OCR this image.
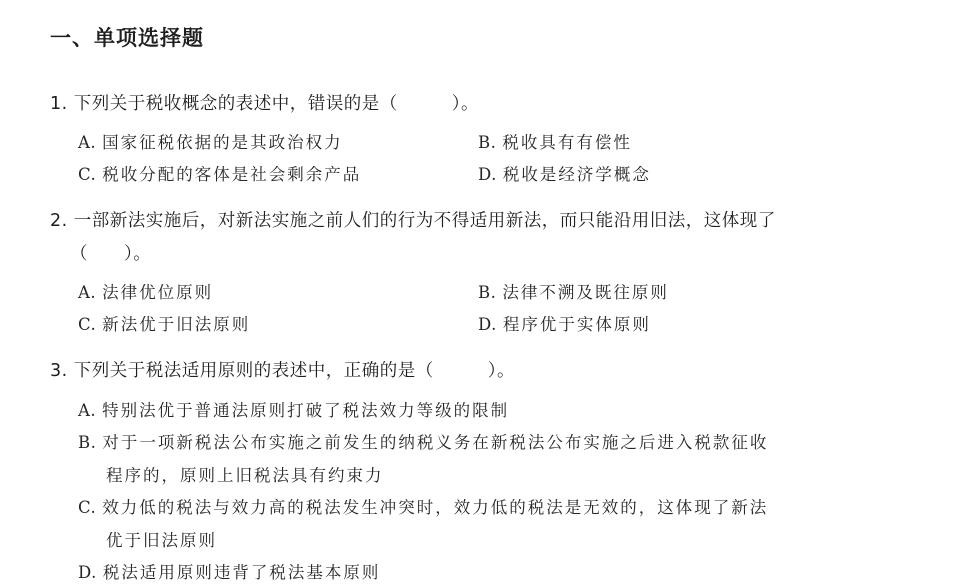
一、单项选择题
1. 下列关于税收概念的表述中，错误的是（　　　）。
A. 国家征税依据的是其政治权力	B. 税收具有有偿性
C. 税收分配的客体是社会剩余产品	D. 税收是经济学概念
2. 一部新法实施后，对新法实施之前人们的行为不得适用新法，而只能沿用旧法，这体现了
（　　）。
A. 法律优位原则	B. 法律不溯及既往原则
C. 新法优于旧法原则	D. 程序优于实体原则
3. 下列关于税法适用原则的表述中，正确的是（　　　）。
A. 特别法优于普通法原则打破了税法效力等级的限制
B. 对于一项新税法公布实施之前发生的纳税义务在新税法公布实施之后进入税款征收
程序的，原则上旧税法具有约束力
C. 效力低的税法与效力高的税法发生冲突时，效力低的税法是无效的，这体现了新法
优于旧法原则
D. 税法适用原则违背了税法基本原则
